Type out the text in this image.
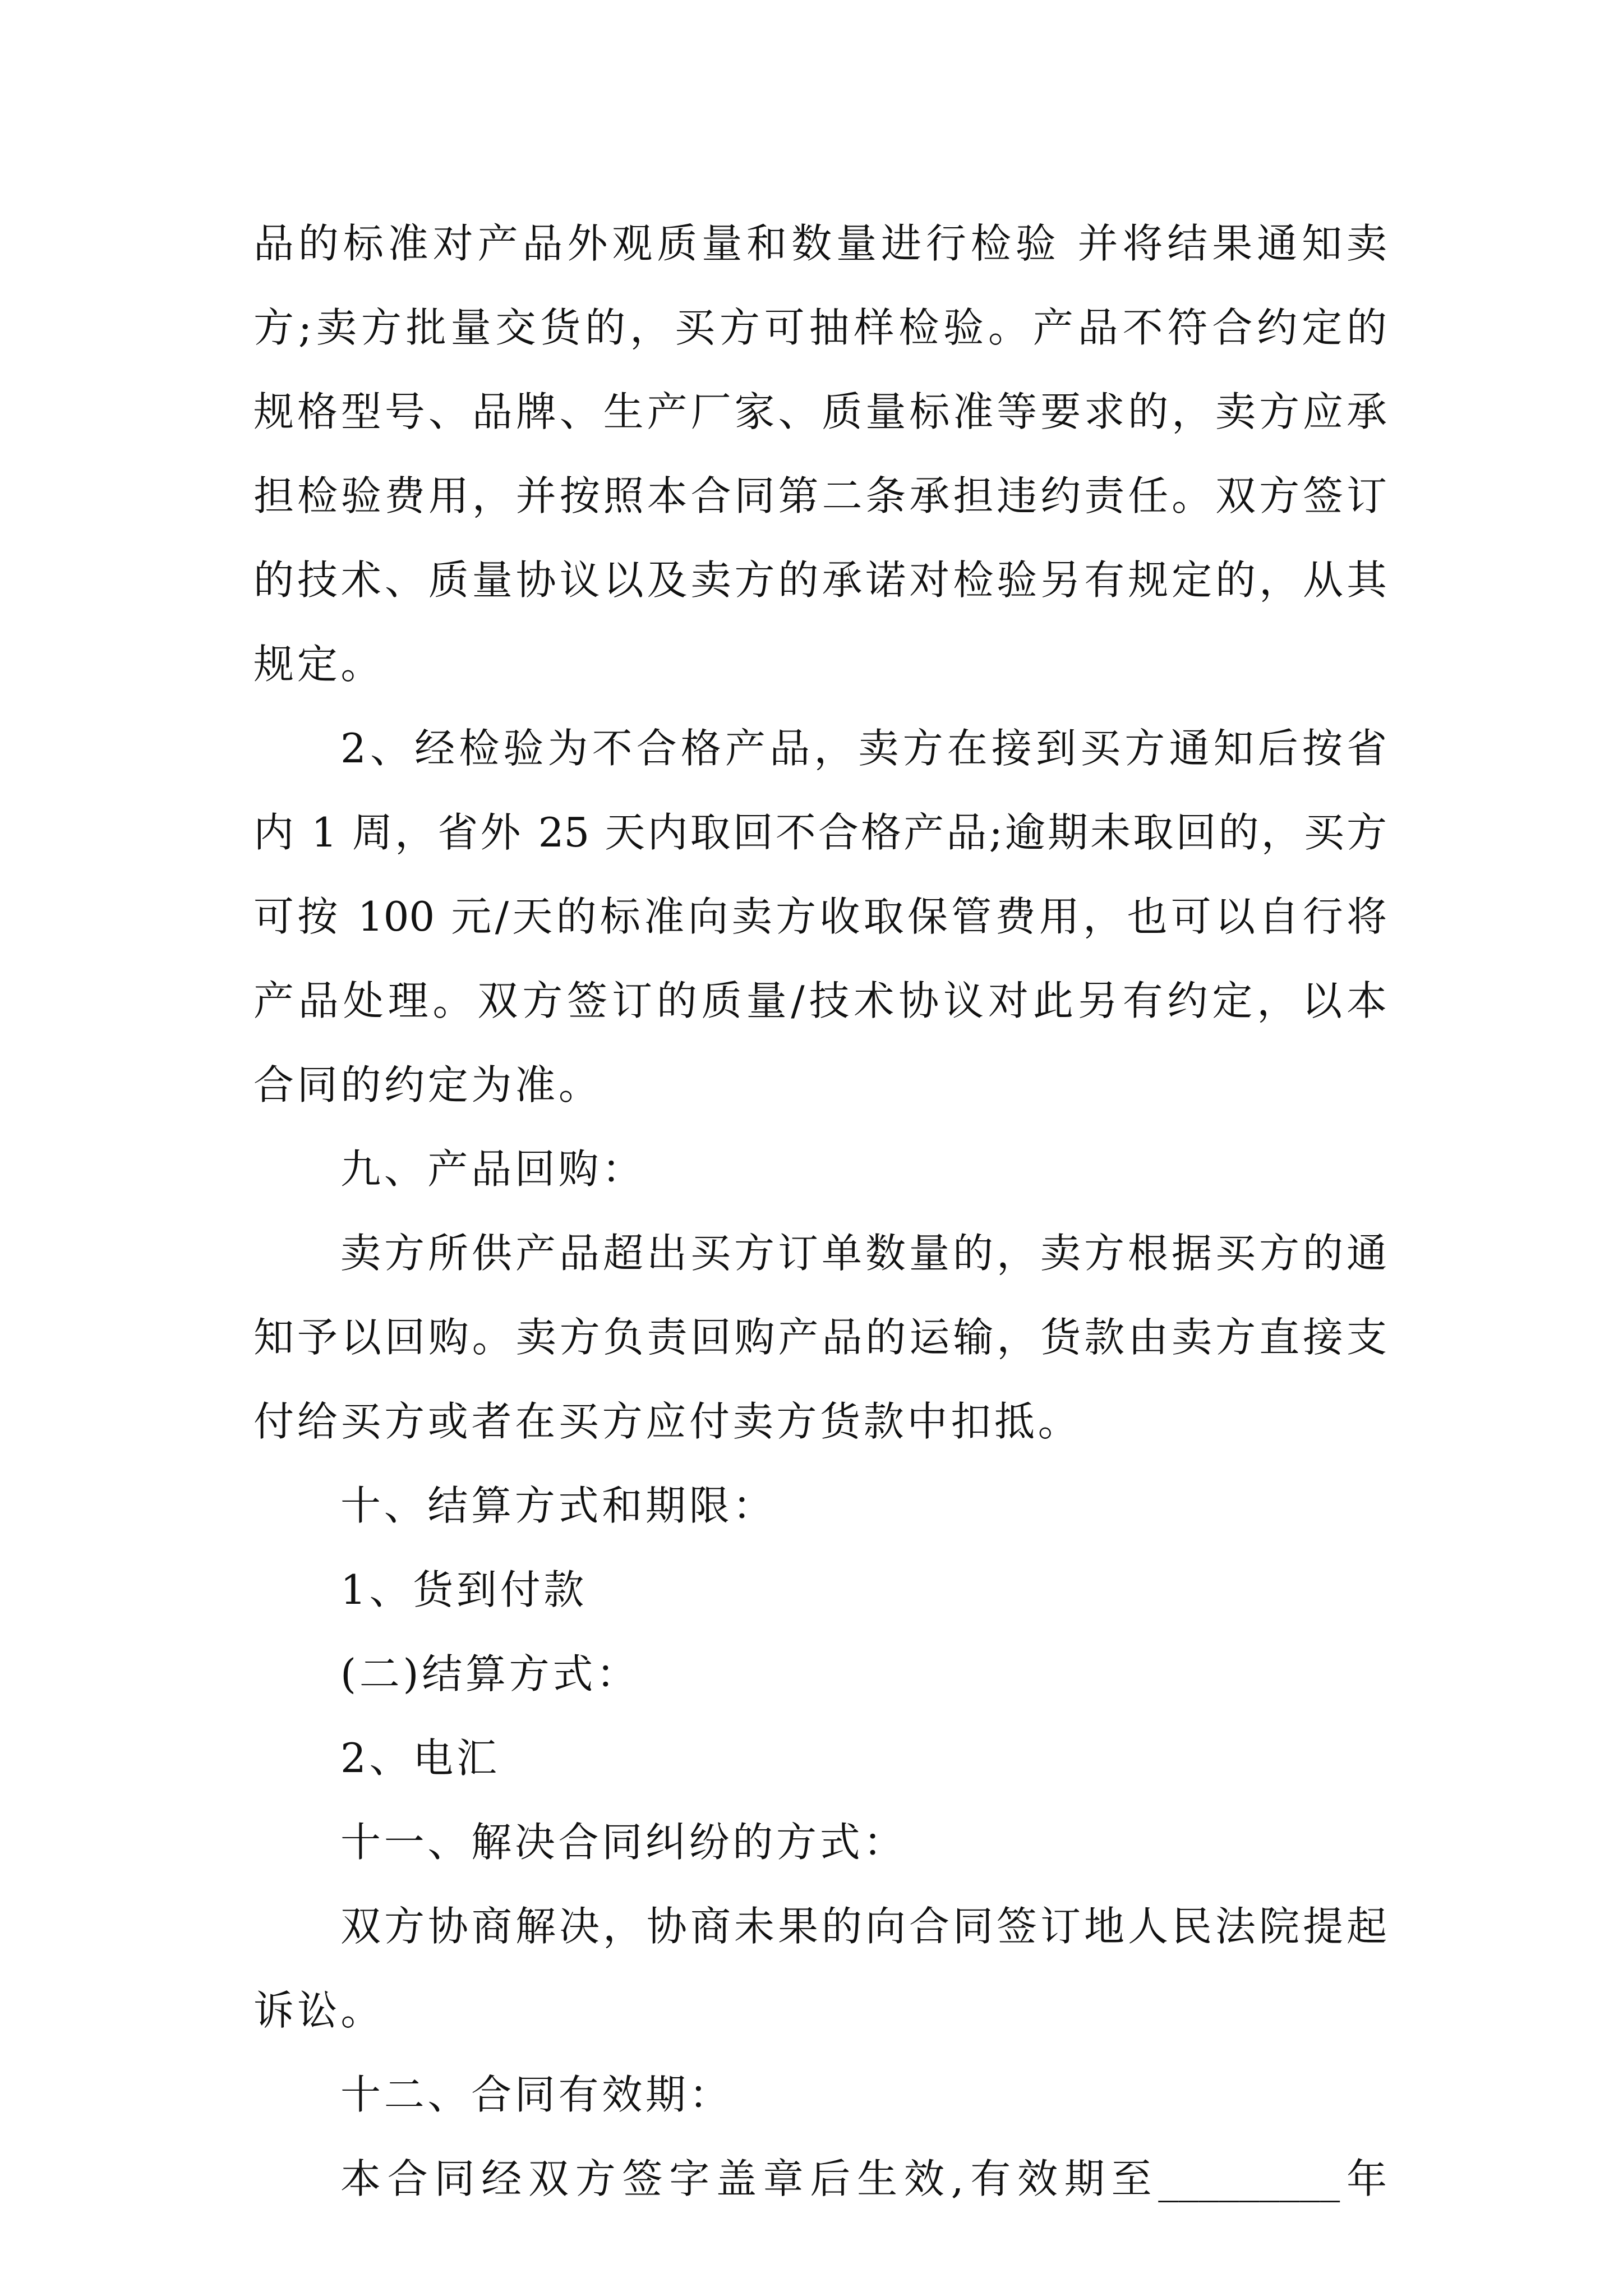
品的标准对产品外观质量和数量进行检验 并将结果通知卖
方;卖方批量交货的，买方可抽样检验。产品不符合约定的
规格型号、品牌、生产厂家、质量标准等要求的，卖方应承
担检验费用，并按照本合同第二条承担违约责任。双方签订
的技术、质量协议以及卖方的承诺对检验另有规定的，从其
规定。
2、经检验为不合格产品，卖方在接到买方通知后按省
内 1 周，省外 25 天内取回不合格产品;逾期未取回的，买方
可按 100 元/天的标准向卖方收取保管费用，也可以自行将
产品处理。双方签订的质量/技术协议对此另有约定，以本
合同的约定为准。
九、产品回购：
卖方所供产品超出买方订单数量的，卖方根据买方的通
知予以回购。卖方负责回购产品的运输，货款由卖方直接支
付给买方或者在买方应付卖方货款中扣抵。
十、结算方式和期限：
1、货到付款
(二)结算方式：
2、电汇
十一、解决合同纠纷的方式：
双方协商解决，协商未果的向合同签订地人民法院提起
诉讼。
十二、合同有效期：
本合同经双方签字盖章后生效,有效期至_________年
